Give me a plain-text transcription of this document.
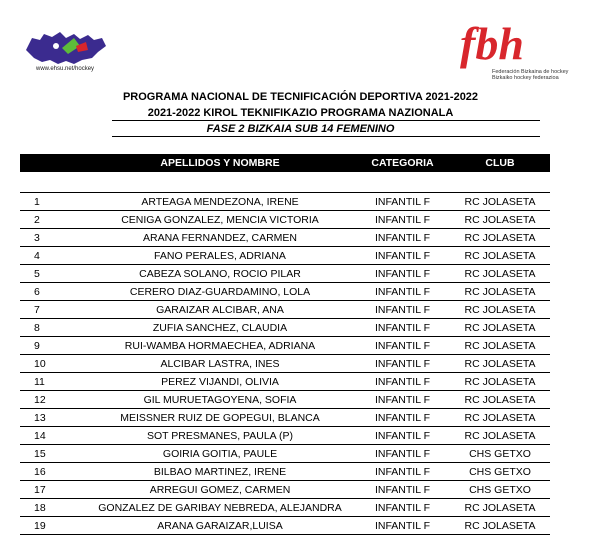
www.ehsu.net/hockey	fbh
Federación Bizkaina de hockey
Bizkaiko hockey federazioa
PROGRAMA NACIONAL DE TECNIFICACIÓN DEPORTIVA 2021-2022
2021-2022 KIROL TEKNIFIKAZIO PROGRAMA NAZIONALA
FASE 2 BIZKAIA SUB 14 FEMENINO
	APELLIDOS Y NOMBRE	CATEGORIA	CLUB

1	ARTEAGA MENDEZONA, IRENE	INFANTIL F	RC JOLASETA
2	CENIGA GONZALEZ, MENCIA VICTORIA	INFANTIL F	RC JOLASETA
3	ARANA FERNANDEZ, CARMEN	INFANTIL F	RC JOLASETA
4	FANO PERALES, ADRIANA	INFANTIL F	RC JOLASETA
5	CABEZA SOLANO, ROCIO PILAR	INFANTIL F	RC JOLASETA
6	CERERO DIAZ-GUARDAMINO, LOLA	INFANTIL F	RC JOLASETA
7	GARAIZAR ALCIBAR, ANA	INFANTIL F	RC JOLASETA
8	ZUFIA SANCHEZ, CLAUDIA	INFANTIL F	RC JOLASETA
9	RUI-WAMBA HORMAECHEA, ADRIANA	INFANTIL F	RC JOLASETA
10	ALCIBAR LASTRA, INES	INFANTIL F	RC JOLASETA
11	PEREZ VIJANDI, OLIVIA	INFANTIL F	RC JOLASETA
12	GIL MURUETAGOYENA, SOFIA	INFANTIL F	RC JOLASETA
13	MEISSNER RUIZ DE GOPEGUI, BLANCA	INFANTIL F	RC JOLASETA
14	SOT PRESMANES, PAULA (P)	INFANTIL F	RC JOLASETA
15	GOIRIA GOITIA, PAULE	INFANTIL F	CHS GETXO
16	BILBAO MARTINEZ, IRENE	INFANTIL F	CHS GETXO
17	ARREGUI GOMEZ, CARMEN	INFANTIL F	CHS GETXO
18	GONZALEZ DE GARIBAY NEBREDA, ALEJANDRA	INFANTIL F	RC JOLASETA
19	ARANA GARAIZAR,LUISA	INFANTIL F	RC JOLASETA
